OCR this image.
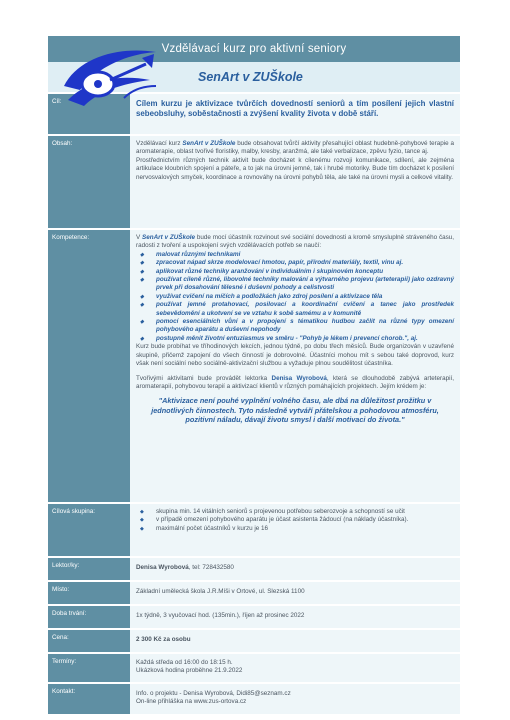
Vzdělávací kurz pro aktivní seniory
SenArt v ZUŠkole
Cíl:	Cílem kurzu je aktivizace tvůrčích dovedností seniorů a tím posílení jejich vlastní sebeobsluhy, soběstačnosti a zvýšení kvality života v době stáří.
Obsah:	Vzdělávací kurz SenArt v ZUŠkole bude obsahovat tvůrčí aktivity přesahující oblast hudebně-pohybové terapie a aromaterapie, oblast tvořivé floristiky, malby, kresby, aranžmá, ale také verbalizace, zpěvu fyzio, tance aj.

Prostřednictvím různých technik aktivit bude docházet k cílenému rozvoji komunikace, sdílení, ale zejména artikulace kloubních spojení a páteře, a to jak na úrovni jemné, tak i hrubé motoriky. Bude tím docházet k posílení nervosvalových smyček, koordinace a rovnováhy na úrovni pohybů těla, ale také na úrovni mysli a celkové vitality.

Kompetence:	V SenArt v ZUŠkole bude mocí účastník rozvinout své sociální dovednosti a kromě smysluplně stráveného času, radosti z tvoření a uspokojení svých vzdělávacích potřeb se naučí:

◆ malovat různými technikami
◆ zpracovat nápad skrze modelovací hmotou, papír, přírodní materiály, textil, vinu aj.
◆ aplikovat různé techniky aranžování v individuálním i skupinovém konceptu
◆ používat cíleně různé, libovolné techniky malování a výtvarného projevu (arteterapii) jako ozdravný prvek při dosahování tělesné i duševní pohody a celistvosti
◆ využívat cvičení na míčích a podložkách jako zdroj posílení a aktivizace těla
◆ používat jemné protahovací, posilovací a koordinační cvičení a tanec jako prostředek sebevědomění a ukotvení se ve vztahu k sobě samému a v komunitě
◆ pomocí esenciálních vůní a v propojení s tématikou hudbou začlít na různé typy omezení pohybového aparátu a duševní nepohody
◆ postupně měnit životní entuziasmus ve směru - "Pohyb je lékem i prevencí chorob.", aj.

Kurz bude probíhat ve tříhodinových lekcích, jednou týdně, po dobu třech měsíců. Bude organizován v uzavřené skupině, přičemž zapojení do všech činností je dobrovolné. Účastníci mohou mít s sebou také doprovod, kurz však není sociální nebo sociálně-aktivizační službou a vyžaduje plnou soudělitost účastníka.

Tvořivými aktivitami bude provádět lektorka Denisa Wyrobová, která se dlouhodobě zabývá arteterapií, aromaterapií, pohybovou terapií a aktivizací klientů v různých pomáhajících projektech. Jejím krédem je:

"Aktivizace není pouhé vyplnění volného času, ale dbá na důležitost prožitku v jednotlivých činnostech. Tyto následně vytváří přátelskou a pohodovou atmosféru, pozitivní náladu, dávají životu smysl i další motivaci do života."
Cílová skupina:
◆	skupina min. 14 vitálních seniorů s projevenou potřebou seberozvoje a schopností se učit
◆ v případě omezení pohybového aparátu je účast asistenta žádoucí (na náklady účastníka).
◆ maximální počet účastníků v kurzu je 16
Lektor/ky:	Denisa Wyrobová, tel: 728432580
Místo:	Základní umělecká škola J.R.Míši v Ortové, ul. Slezská 1100
Doba trvání:	1x týdně, 3 vyučovací hod. (135min.), říjen až prosinec 2022
Cena:	2 300 Kč za osobu
Termíny:	Každá středa od 16:00 do 18:15 h.

Ukázková hodina proběhne 21.9.2022

Kontakt:	Info. o projektu - Denisa Wyrobová, Didi85@seznam.cz

On-line přihláška na www.zus-ortova.cz
